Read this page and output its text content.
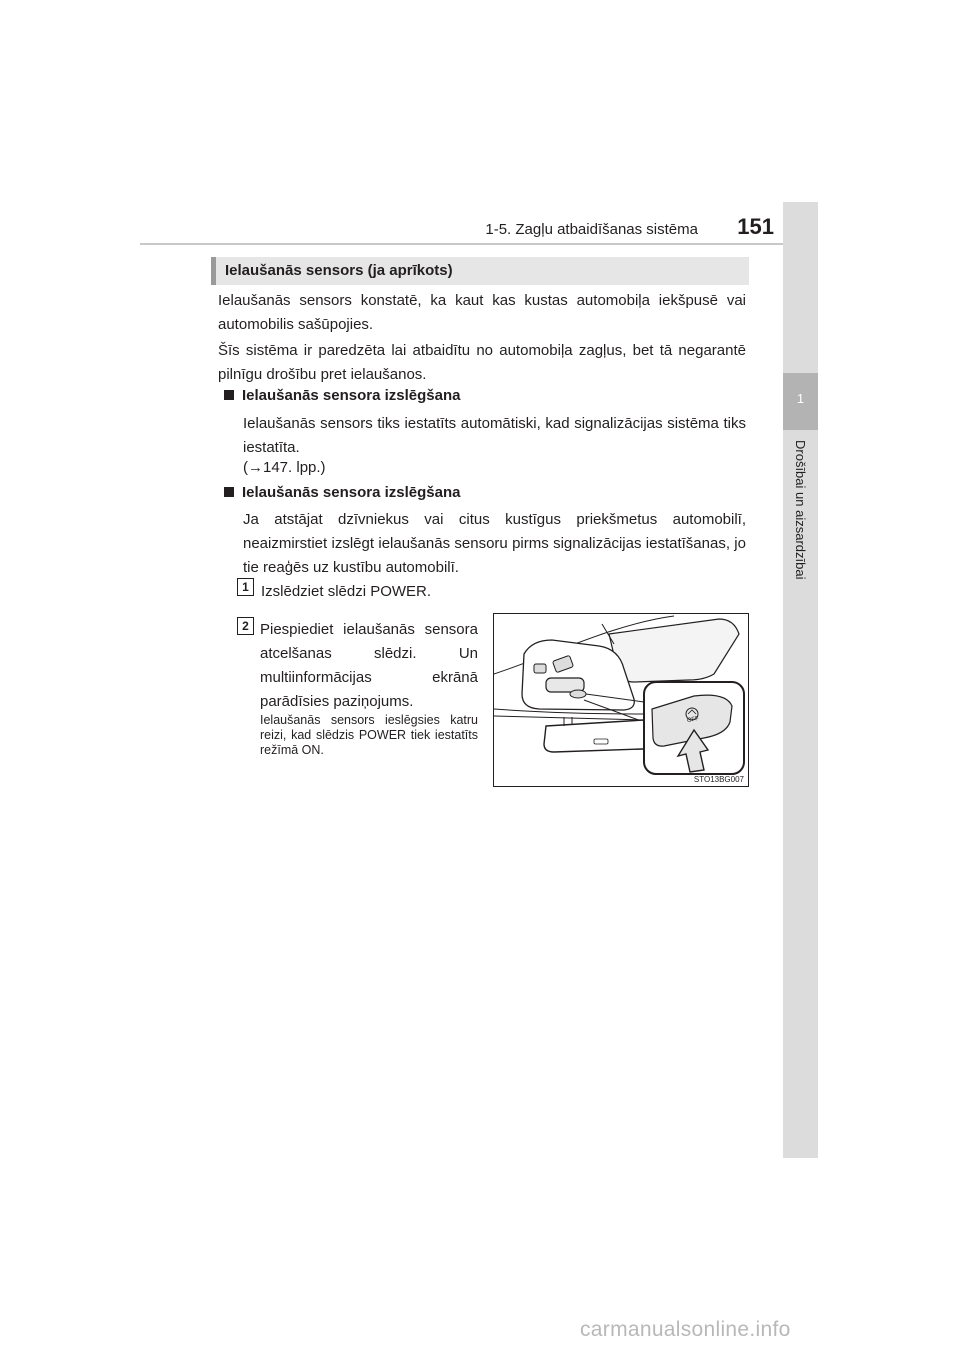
1-5. Zagļu atbaidīšanas sistēma	151
1
Drošībai un aizsardzībai
Ielaušanās sensors (ja aprīkots)
Ielaušanās sensors konstatē, ka kaut kas kustas automobiļa iekšpusē vai automobilis sašūpojies.
Šīs sistēma ir paredzēta lai atbaidītu no automobiļa zagļus, bet tā negarantē pilnīgu drošību pret ielaušanos.
Ielaušanās sensora izslēgšana
Ielaušanās sensors tiks iestatīts automātiski, kad signalizācijas sistēma tiks iestatīta.
(→147. lpp.)
Ielaušanās sensora izslēgšana
Ja atstājat dzīvniekus vai citus kustīgus priekšmetus automobilī, neaizmirstiet izslēgt ielaušanās sensoru pirms signalizācijas iestatīšanas, jo tie reaģēs uz kustību automobilī.
1 Izslēdziet slēdzi POWER.
2 Piespiediet ielaušanās sensora atcelšanas slēdzi. Un multiinformācijas ekrānā parādīsies paziņojums.
Ielaušanās sensors ieslēgsies katru reizi, kad slēdzis POWER tiek iestatīts režīmā ON.
OFF
STO13BG007
carmanualsonline.info
